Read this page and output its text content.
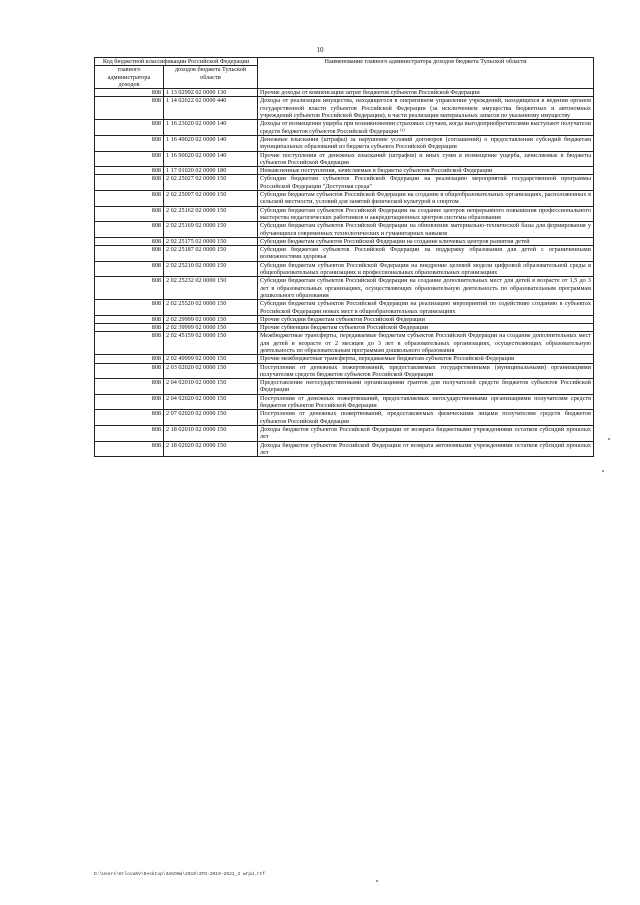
10
Код бюджетной классификации Российской Федерации		Наименование главного администратора доходов бюджета Тульской области
главного администратора доходов	доходов бюджета Тульской области	
808	1 13 02992 02 0000 130	Прочие доходы от компенсации затрат бюджетов субъектов Российской Федерации
808	1 14 02022 02 0000 440	Доходы от реализации имущества, находящегося в оперативном управлении учреждений, находящихся в ведении органов государственной власти субъектов Российской Федерации (за исключением имущества бюджетных и автономных учреждений субъектов Российской Федерации), в части реализации материальных запасов по указанному имуществу
808	1 16 23020 02 0000 140	Доходы от возмещения ущерба при возникновении страховых случаев, когда выгодоприобретателями выступают получатели средств бюджетов субъектов Российской Федерации ⁽¹⁾
808	1 16 49020 02 0000 140	Денежные взыскания (штрафы) за нарушение условий договоров (соглашений) о предоставлении субсидий бюджетам муниципальных образований из бюджета субъекта Российской Федерации
808	1 16 90020 02 0000 140	Прочие поступления от денежных взысканий (штрафов) и иных сумм в возмещение ущерба, зачисляемые в бюджеты субъектов Российской Федерации
808	1 17 01020 02 0000 180	Невыясненные поступления, зачисляемые в бюджеты субъектов Российской Федерации
808	2 02 25027 02 0000 150	Субсидии бюджетам субъектов Российской Федерации на реализацию мероприятий государственной программы Российской Федерации "Доступная среда"
808	2 02 25097 02 0000 150	Субсидии бюджетам субъектов Российской Федерации на создание в общеобразовательных организациях, расположенных в сельской местности, условий для занятий физической культурой и спортом
808	2 02 25162 02 0000 150	Субсидии бюджетам субъектов Российской Федерации на создание центров непрерывного повышения профессионального мастерства педагогических работников и аккредитационных центров системы образования
808	2 02 25169 02 0000 150	Субсидии бюджетам субъектов Российской Федерации на обновление материально-технической базы для формирования у обучающихся современных технологических и гуманитарных навыков
808	2 02 25175 02 0000 150	Субсидии бюджетам субъектов Российской Федерации на создание ключевых центров развития детей
808	2 02 25187 02 0000 150	Субсидии бюджетам субъектов Российской Федерации на поддержку образования для детей с ограниченными возможностями здоровья
808	2 02 25210 02 0000 150	Субсидии бюджетам субъектов Российской Федерации на внедрение целевой модели цифровой образовательной среды в общеобразовательных организациях и профессиональных образовательных организациях
808	2 02 25232 02 0000 150	Субсидии бюджетам субъектов Российской Федерации на создание дополнительных мест для детей в возрасте от 1,5 до 3 лет в образовательных организациях, осуществляющих образовательную деятельность по образовательным программам дошкольного образования
808	2 02 25520 02 0000 150	Субсидии бюджетам субъектов Российской Федерации на реализацию мероприятий по содействию созданию в субъектах Российской Федерации новых мест в общеобразовательных организациях
808	2 02 29999 02 0000 150	Прочие субсидии бюджетам субъектов Российской Федерации
808	2 02 39999 02 0000 150	Прочие субвенции бюджетам субъектов Российской Федерации
808	2 02 45159 02 0000 150	Межбюджетные трансферты, передаваемые бюджетам субъектов Российской Федерации на создание дополнительных мест для детей в возрасте от 2 месяцев до 3 лет в образовательных организациях, осуществляющих образовательную деятельность по образовательным программам дошкольного образования
808	2 02 49999 02 0000 150	Прочие межбюджетные трансферты, передаваемые бюджетам субъектов Российской Федерации
808	2 03 02020 02 0000 150	Поступления от денежных пожертвований, предоставляемых государственными (муниципальными) организациями получателям средств бюджетов субъектов Российской Федерации
808	2 04 02010 02 0000 150	Предоставление негосударственными организациями грантов для получателей средств бюджетов субъектов Российской Федерации
808	2 04 02020 02 0000 150	Поступления от денежных пожертвований, предоставляемых негосударственными организациями получателям средств бюджетов субъектов Российской Федерации
808	2 07 02020 02 0000 150	Поступления от денежных пожертвований, предоставляемых физическими лицами получателям средств бюджетов субъектов Российской Федерации
808	2 18 02010 02 0000 150	Доходы бюджетов субъектов Российской Федерации от возврата бюджетными учреждениями остатков субсидий прошлых лет
808	2 18 02020 02 0000 150	Доходы бюджетов субъектов Российской Федерации от возврата автономными учреждениями остатков субсидий прошлых лет
D:\Users\OrlovaKV\Desktop\ЗАКОНЫ\2019\ЗТО-2019-2021_3 wrpd.rtf
